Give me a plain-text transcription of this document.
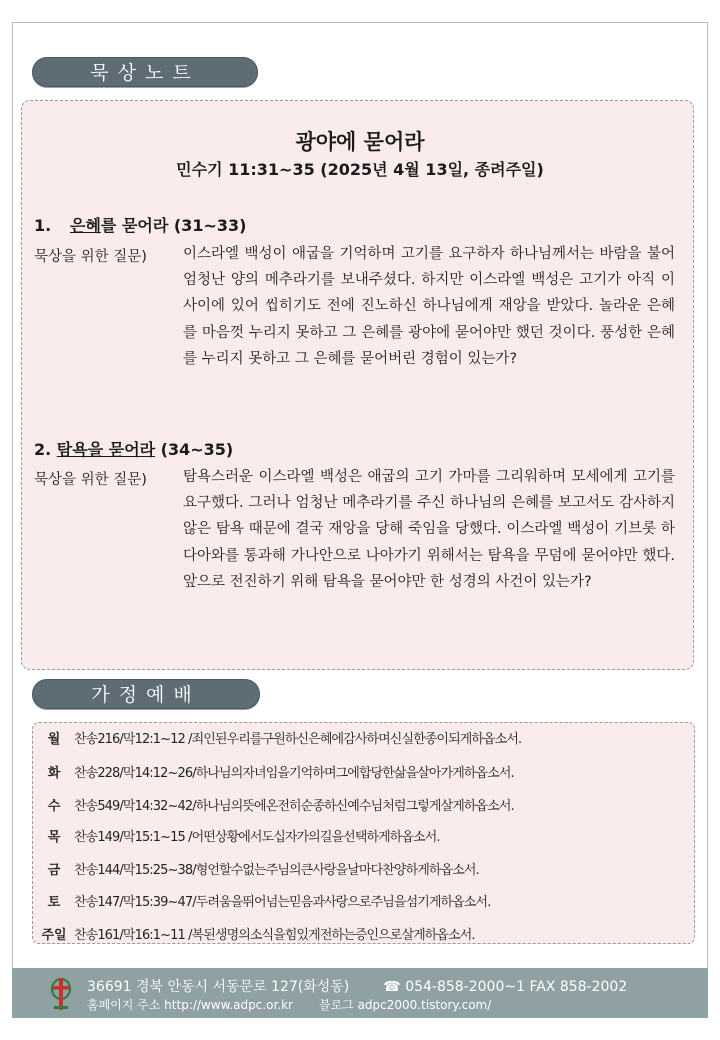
묵상노트
광야에 묻어라
민수기 11:31~35 (2025년 4월 13일, 종려주일)
1. 은혜를 묻어라 (31~33)
묵상을 위한 질문) 이스라엘 백성이 애굽을 기억하며 고기를 요구하자 하나님께서는 바람을 불어 엄청난 양의 메추라기를 보내주셨다. 하지만 이스라엘 백성은 고기가 아직 이 사이에 있어 씹히기도 전에 진노하신 하나님에게 재앙을 받았다. 놀라운 은혜를 마음껏 누리지 못하고 그 은혜를 광야에 묻어야만 했던 것이다. 풍성한 은혜를 누리지 못하고 그 은혜를 묻어버린 경험이 있는가?
2. 탐욕을 묻어라 (34~35)
묵상을 위한 질문) 탐욕스러운 이스라엘 백성은 애굽의 고기 가마를 그리워하며 모세에게 고기를 요구했다. 그러나 엄청난 메추라기를 주신 하나님의 은혜를 보고서도 감사하지 않은 탐욕 때문에 결국 재앙을 당해 죽임을 당했다. 이스라엘 백성이 기브롯 하다아와를 통과해 가나안으로 나아가기 위해서는 탐욕을 무덤에 묻어야만 했다. 앞으로 전진하기 위해 탐욕을 묻어야만 한 성경의 사건이 있는가?
가정예배
월 찬송216/막12:1~12 /죄인된우리를구원하신은혜에감사하며신실한종이되게하옵소서.
화 찬송228/막14:12~26/하나님의자녀임을기억하며그에합당한삶을살아가게하옵소서.
수 찬송549/막14:32~42/하나님의뜻에온전히순종하신예수님처럼그렇게살게하옵소서.
목 찬송149/막15:1~15 /어떤상황에서도십자가의길을선택하게하옵소서.
금 찬송144/막15:25~38/형언할수없는주님의큰사랑을날마다찬양하게하옵소서.
토 찬송147/막15:39~47/두려움을뛰어넘는믿음과사랑으로주님을섬기게하옵소서.
주일 찬송161/막16:1~11 /복된생명의소식을힘있게전하는증인으로살게하옵소서.
36691 경북 안동시 서동문로 127(화성동) ☎ 054-858-2000~1 FAX 858-2002
홈페이지 주소 http://www.adpc.or.kr 블로그 adpc2000.tistory.com/
